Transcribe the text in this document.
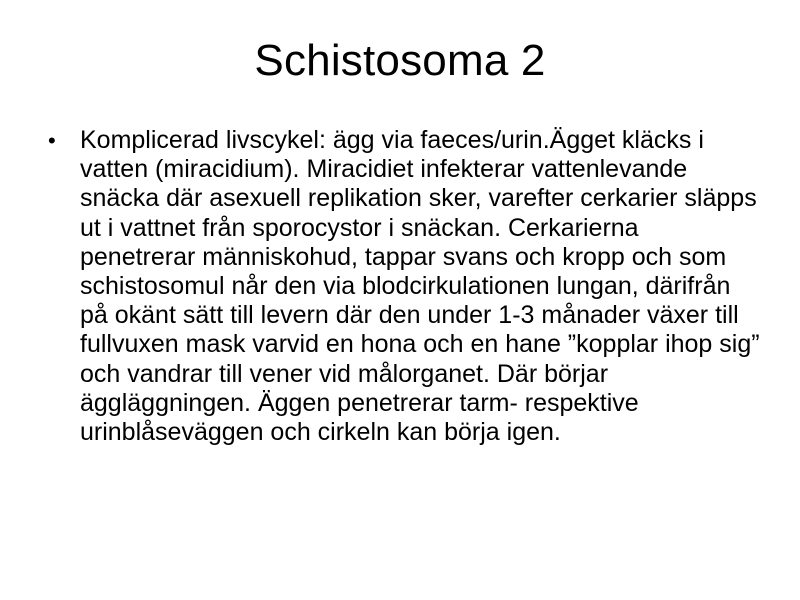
Schistosoma 2
• Komplicerad livscykel: ägg via faeces/urin.Ägget kläcks i vatten (miracidium). Miracidiet infekterar vattenlevande snäcka där asexuell replikation sker, varefter cerkarier släpps ut i vattnet från sporocystor i snäckan. Cerkarierna penetrerar människohud, tappar svans och kropp och som schistosomul når den via blodcirkulationen lungan, därifrån på okänt sätt till levern där den under 1-3 månader växer till fullvuxen mask varvid en hona och en hane ”kopplar ihop sig” och vandrar till vener vid målorganet. Där börjar äggläggningen. Äggen penetrerar tarm- respektive urinblåseväggen och cirkeln kan börja igen.
